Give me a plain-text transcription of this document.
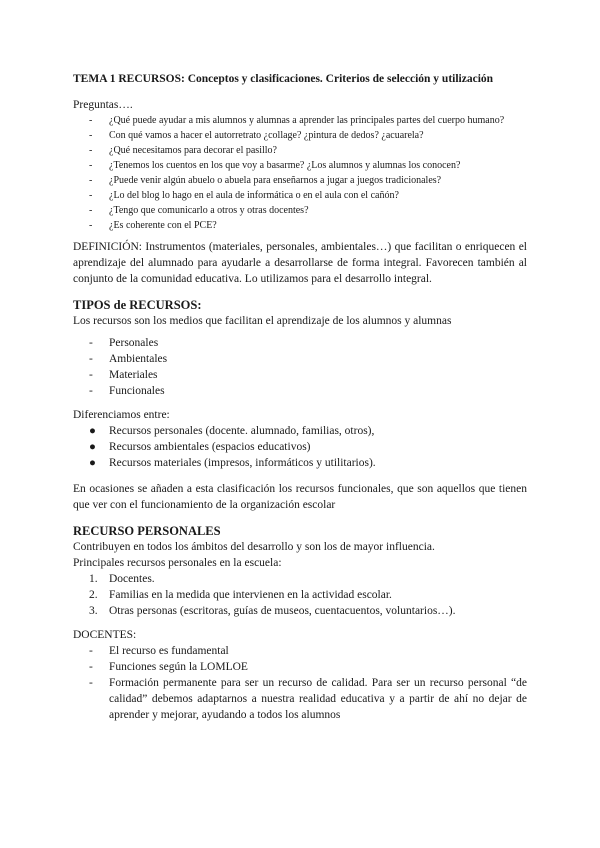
TEMA 1 RECURSOS: Conceptos y clasificaciones. Criterios de selección y utilización

Preguntas….

- ¿Qué puede ayudar a mis alumnos y alumnas a aprender las principales partes del cuerpo humano?
- Con qué vamos a hacer el autorretrato ¿collage? ¿pintura de dedos? ¿acuarela?
- ¿Qué necesitamos para decorar el pasillo?
- ¿Tenemos los cuentos en los que voy a basarme? ¿Los alumnos y alumnas los conocen?
- ¿Puede venir algún abuelo o abuela para enseñarnos a jugar a juegos tradicionales?
- ¿Lo del blog lo hago en el aula de informática o en el aula con el cañón?
- ¿Tengo que comunicarlo a otros y otras docentes?
- ¿Es coherente con el PCE?

DEFINICIÓN: Instrumentos (materiales, personales, ambientales…) que facilitan o enriquecen el aprendizaje del alumnado para ayudarle a desarrollarse de forma integral. Favorecen también al conjunto de la comunidad educativa. Lo utilizamos para el desarrollo integral.

TIPOS de RECURSOS:

Los recursos son los medios que facilitan el aprendizaje de los alumnos y alumnas

- Personales
- Ambientales
- Materiales
- Funcionales

Diferenciamos entre:

● Recursos personales (docente. alumnado, familias, otros),
● Recursos ambientales (espacios educativos)
● Recursos materiales (impresos, informáticos y utilitarios).

En ocasiones se añaden a esta clasificación los recursos funcionales, que son aquellos que tienen que ver con el funcionamiento de la organización escolar

RECURSO PERSONALES

Contribuyen en todos los ámbitos del desarrollo y son los de mayor influencia.

Principales recursos personales en la escuela:

1. Docentes.
2. Familias en la medida que intervienen en la actividad escolar.
3. Otras personas (escritoras, guías de museos, cuentacuentos, voluntarios…).

DOCENTES:

- El recurso es fundamental
- Funciones según la LOMLOE
- Formación permanente para ser un recurso de calidad. Para ser un recurso personal “de calidad” debemos adaptarnos a nuestra realidad educativa y a partir de ahí no dejar de aprender y mejorar, ayudando a todos los alumnos
